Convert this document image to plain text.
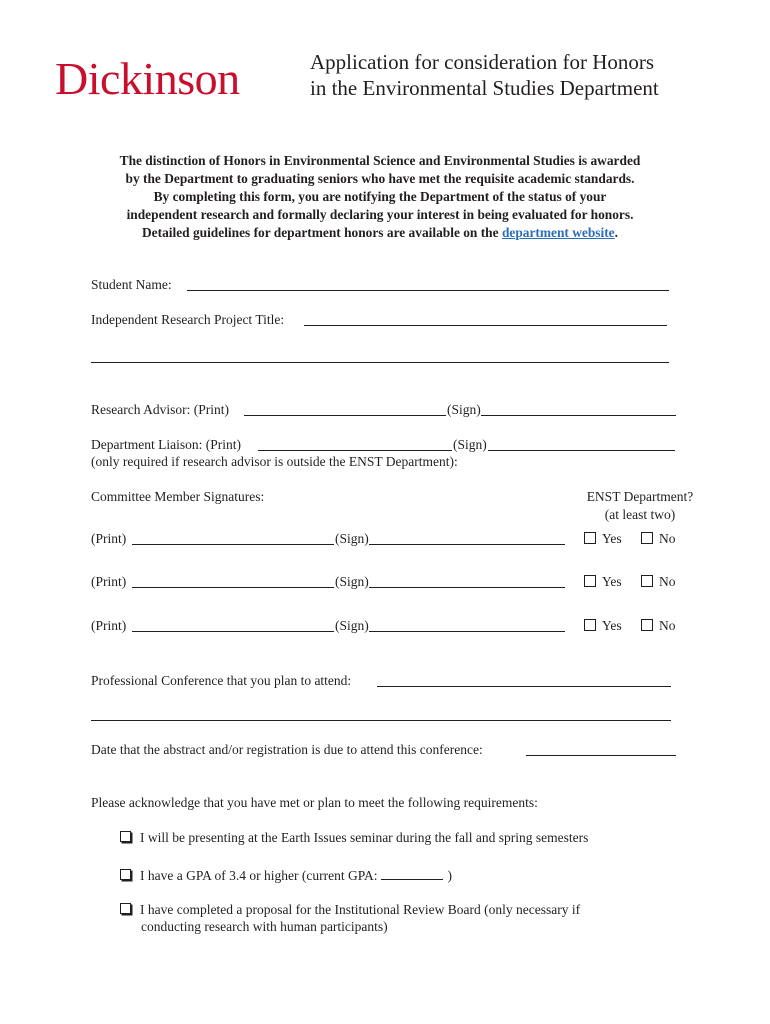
Dickinson	Application for consideration for Honors
in the Environmental Studies Department
The distinction of Honors in Environmental Science and Environmental Studies is awarded
by the Department to graduating seniors who have met the requisite academic standards.
By completing this form, you are notifying the Department of the status of your
independent research and formally declaring your interest in being evaluated for honors.
Detailed guidelines for department honors are available on the department website.
Student Name:
Independent Research Project Title:
Research Advisor: (Print)	(Sign)
Department Liaison: (Print)	(Sign)
(only required if research advisor is outside the ENST Department):
Committee Member Signatures:	ENST Department?
(at least two)
(Print)	(Sign)	Yes	No
(Print)	(Sign)	Yes	No
(Print)	(Sign)	Yes	No
Professional Conference that you plan to attend:
Date that the abstract and/or registration is due to attend this conference:
Please acknowledge that you have met or plan to meet the following requirements:
I will be presenting at the Earth Issues seminar during the fall and spring semesters
I have a GPA of 3.4 or higher (current GPA:	)
I have completed a proposal for the Institutional Review Board (only necessary if
conducting research with human participants)
